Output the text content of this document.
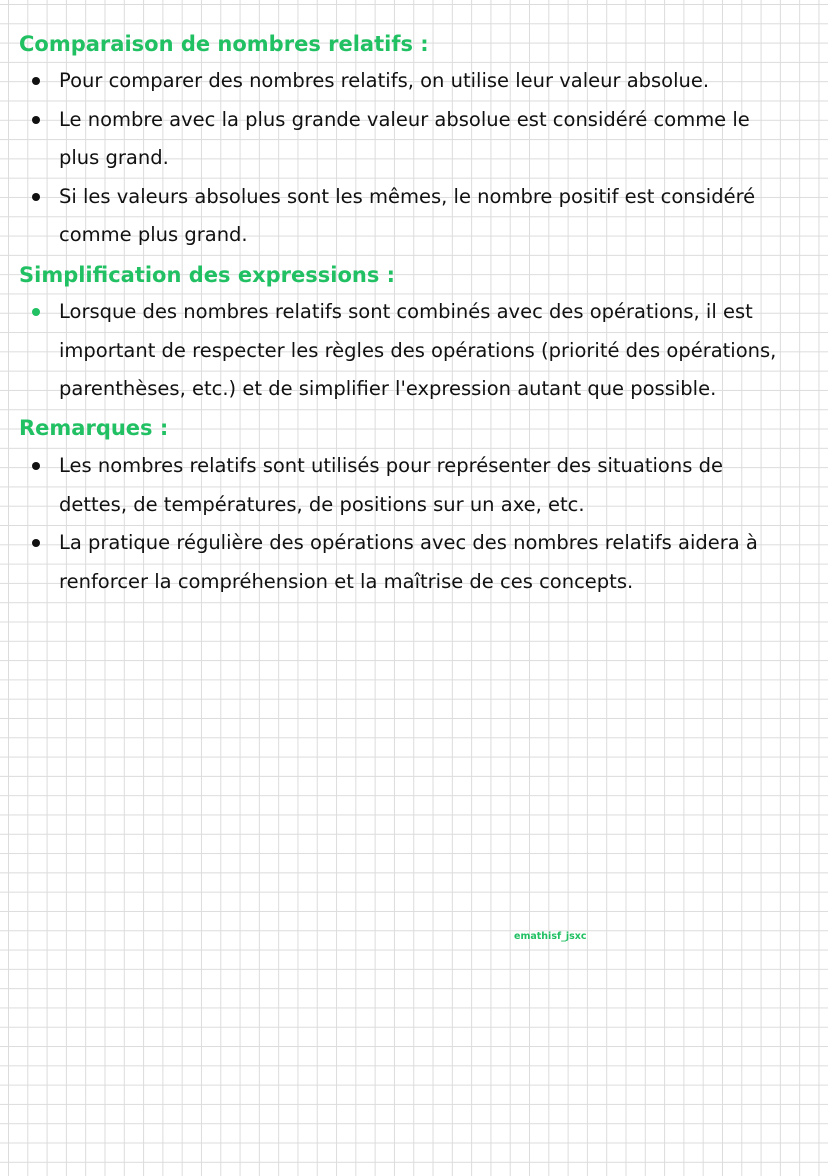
Comparaison de nombres relatifs :
Pour comparer des nombres relatifs, on utilise leur valeur absolue.
Le nombre avec la plus grande valeur absolue est considéré comme le
plus grand.
Si les valeurs absolues sont les mêmes, le nombre positif est considéré
comme plus grand.
Simplification des expressions :
Lorsque des nombres relatifs sont combinés avec des opérations, il est
important de respecter les règles des opérations (priorité des opérations,
parenthèses, etc.) et de simplifier l'expression autant que possible.
Remarques :
Les nombres relatifs sont utilisés pour représenter des situations de
dettes, de températures, de positions sur un axe, etc.
La pratique régulière des opérations avec des nombres relatifs aidera à
renforcer la compréhension et la maîtrise de ces concepts.

emathisf_jsxc
